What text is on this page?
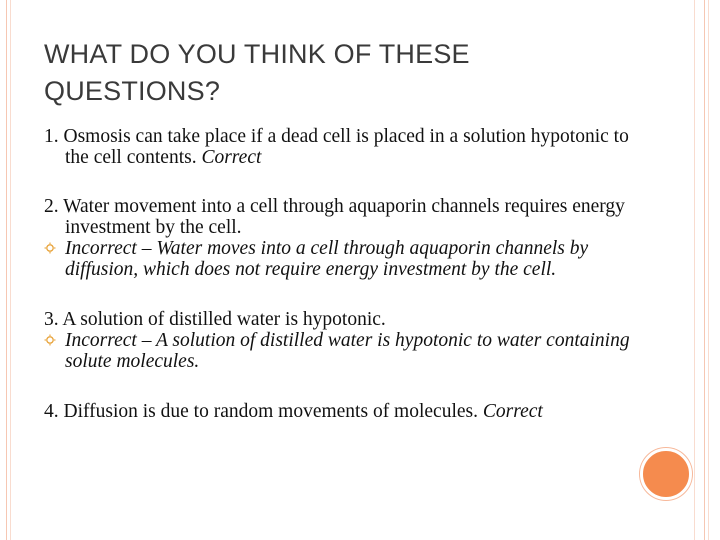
WHAT DO YOU THINK OF THESE QUESTIONS?
1. Osmosis can take place if a dead cell is placed in a solution hypotonic to the cell contents. Correct
2. Water movement into a cell through aquaporin channels requires energy investment by the cell.
Incorrect – Water moves into a cell through aquaporin channels by diffusion, which does not require energy investment by the cell.
3. A solution of distilled water is hypotonic.
Incorrect – A solution of distilled water is hypotonic to water containing solute molecules.
4. Diffusion is due to random movements of molecules. Correct
